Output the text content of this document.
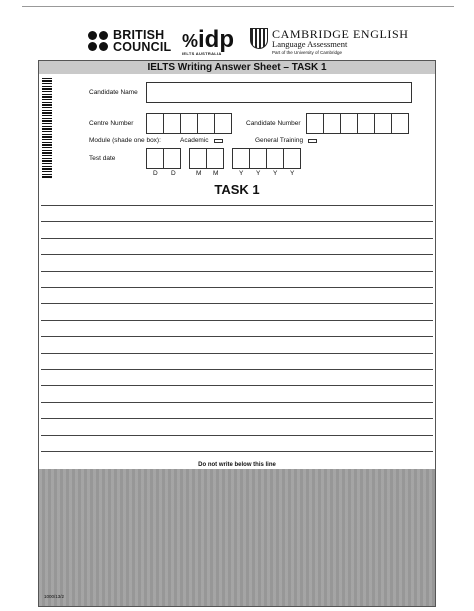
BRITISH
COUNCIL %idp
IELTS AUSTRALIA
CAMBRIDGE ENGLISH
Language Assessment
Part of the University of Cambridge
IELTS Writing Answer Sheet – TASK 1
Candidate Name
Centre Number	Candidate Number
Module (shade one box):	Academic	General Training
Test date
D D	M M	Y Y Y Y
TASK 1
Do not write below this line
1000/13/2
